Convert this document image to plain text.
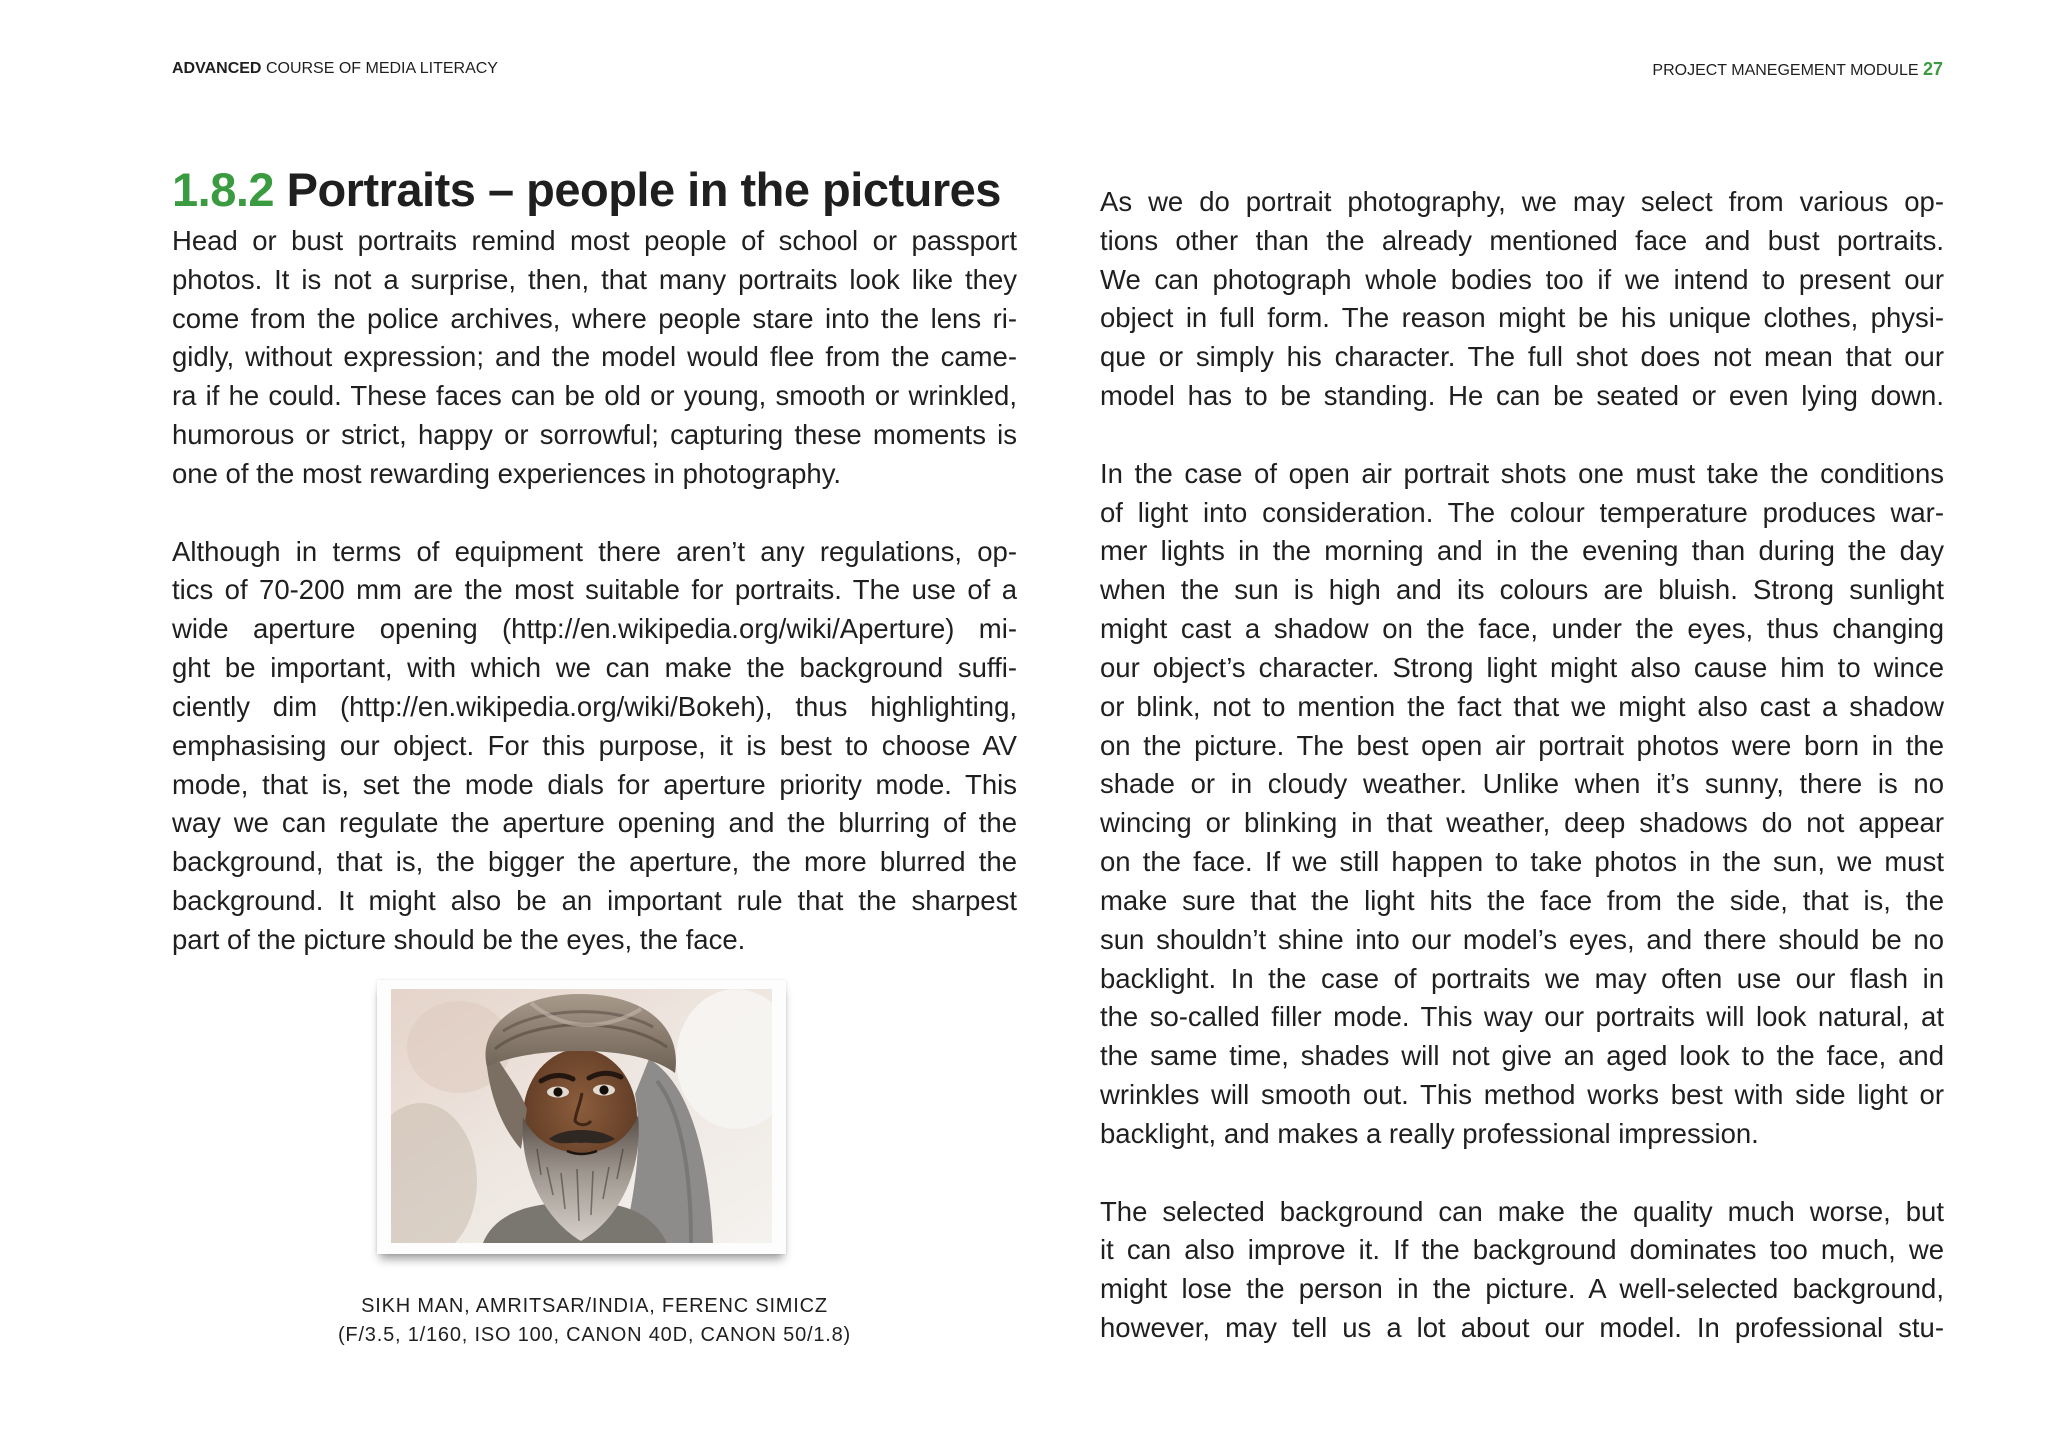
ADVANCED COURSE OF MEDIA LITERACY	PROJECT MANEGEMENT MODULE 27
1.8.2 Portraits – people in the pictures
Head or bust portraits remind most people of school or passport
photos. It is not a surprise, then, that many portraits look like they
come from the police archives, where people stare into the lens ri-
gidly, without expression; and the model would flee from the came-
ra if he could. These faces can be old or young, smooth or wrinkled,
humorous or strict, happy or sorrowful; capturing these moments is
one of the most rewarding experiences in photography.
Although in terms of equipment there aren’t any regulations, op-
tics of 70-200 mm are the most suitable for portraits. The use of a
wide aperture opening (http://en.wikipedia.org/wiki/Aperture) mi-
ght be important, with which we can make the background suffi-
ciently dim (http://en.wikipedia.org/wiki/Bokeh), thus highlighting,
emphasising our object. For this purpose, it is best to choose AV
mode, that is, set the mode dials for aperture priority mode. This
way we can regulate the aperture opening and the blurring of the
background, that is, the bigger the aperture, the more blurred the
background. It might also be an important rule that the sharpest
part of the picture should be the eyes, the face.
SIKH MAN, AMRITSAR/INDIA, FERENC SIMICZ
(F/3.5, 1/160, ISO 100, CANON 40D, CANON 50/1.8)
As we do portrait photography, we may select from various op-
tions other than the already mentioned face and bust portraits.
We can photograph whole bodies too if we intend to present our
object in full form. The reason might be his unique clothes, physi-
que or simply his character. The full shot does not mean that our
model has to be standing. He can be seated or even lying down.
In the case of open air portrait shots one must take the conditions
of light into consideration. The colour temperature produces war-
mer lights in the morning and in the evening than during the day
when the sun is high and its colours are bluish. Strong sunlight
might cast a shadow on the face, under the eyes, thus changing
our object’s character. Strong light might also cause him to wince
or blink, not to mention the fact that we might also cast a shadow
on the picture. The best open air portrait photos were born in the
shade or in cloudy weather. Unlike when it’s sunny, there is no
wincing or blinking in that weather, deep shadows do not appear
on the face. If we still happen to take photos in the sun, we must
make sure that the light hits the face from the side, that is, the
sun shouldn’t shine into our model’s eyes, and there should be no
backlight. In the case of portraits we may often use our flash in
the so-called filler mode. This way our portraits will look natural, at
the same time, shades will not give an aged look to the face, and
wrinkles will smooth out. This method works best with side light or
backlight, and makes a really professional impression.
The selected background can make the quality much worse, but
it can also improve it. If the background dominates too much, we
might lose the person in the picture. A well-selected background,
however, may tell us a lot about our model. In professional stu-
